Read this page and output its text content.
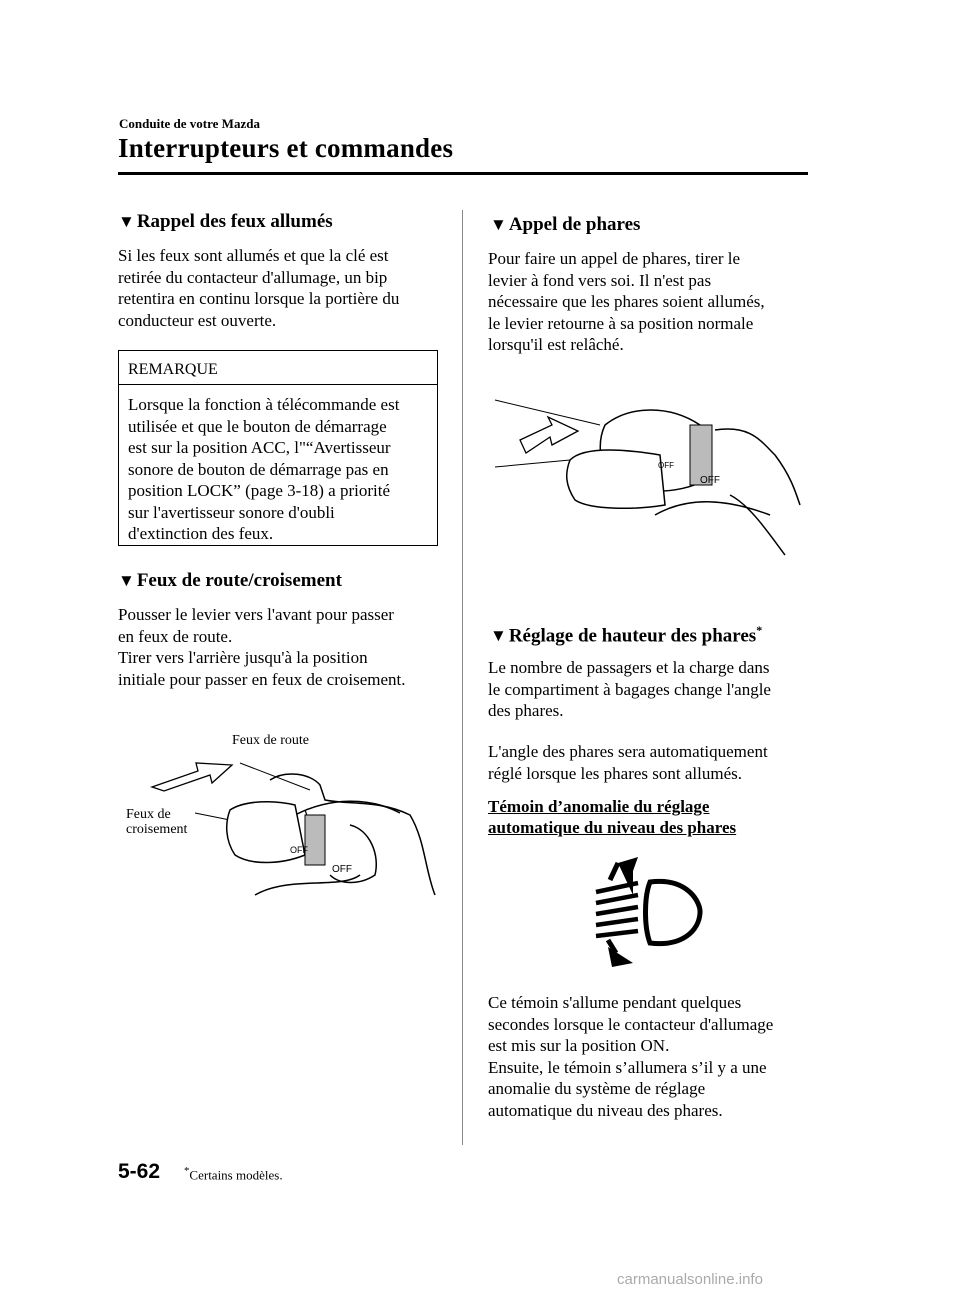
Conduite de votre Mazda
Interrupteurs et commandes
▼ Rappel des feux allumés

Si les feux sont allumés et que la clé est

retirée du contacteur d'allumage, un bip

retentira en continu lorsque la portière du

conducteur est ouverte.

REMARQUE
Lorsque la fonction à télécommande est
utilisée et que le bouton de démarrage
est sur la position ACC, l"“Avertisseur
sonore de bouton de démarrage pas en
position LOCK” (page 3-18) a priorité
sur l'avertisseur sonore d'oubli
d'extinction des feux.
▼ Feux de route/croisement

Pousser le levier vers l'avant pour passer

en feux de route.

Tirer vers l'arrière jusqu'à la position

initiale pour passer en feux de croisement.

Feux de route
Feux de
croisement
OFF
OFF
▼ Appel de phares

Pour faire un appel de phares, tirer le

levier à fond vers soi. Il n'est pas

nécessaire que les phares soient allumés,

le levier retourne à sa position normale

lorsqu'il est relâché.

OFF
OFF
▼ Réglage de hauteur des phares*

Le nombre de passagers et la charge dans

le compartiment à bagages change l'angle

des phares.

L'angle des phares sera automatiquement

réglé lorsque les phares sont allumés.

Témoin d’anomalie du réglage
automatique du niveau des phares

Ce témoin s'allume pendant quelques

secondes lorsque le contacteur d'allumage

est mis sur la position ON.

Ensuite, le témoin s’allumera s’il y a une

anomalie du système de réglage

automatique du niveau des phares.

5-62 *Certains modèles.
carmanualsonline.info
